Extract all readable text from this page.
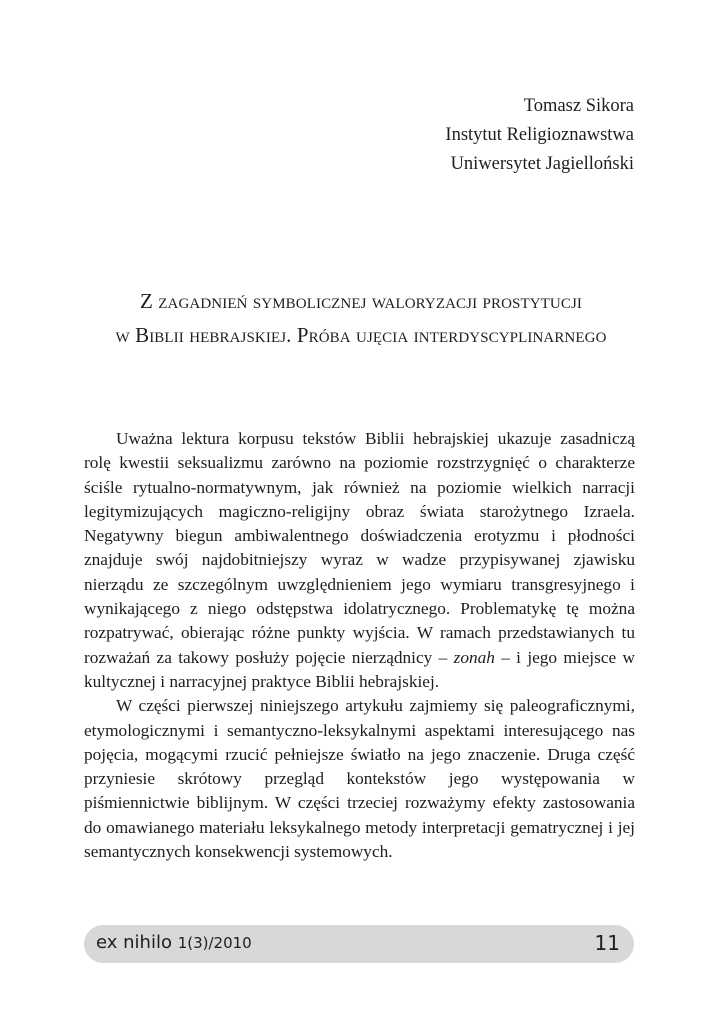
Tomasz Sikora
Instytut Religioznawstwa
Uniwersytet Jagielloński
Z zagadnień symbolicznej waloryzacji prostytucji
w Biblii hebrajskiej. Próba ujęcia interdyscyplinarnego

Uważna lektura korpusu tekstów Biblii hebrajskiej ukazuje zasadniczą rolę kwestii seksualizmu zarówno na poziomie rozstrzygnięć o charakterze ściśle rytualno-normatywnym, jak również na poziomie wielkich narracji legitymizujących magiczno-religijny obraz świata starożytnego Izraela. Negatywny biegun ambiwalentnego doświadczenia erotyzmu i płodności znajduje swój najdobitniejszy wyraz w wadze przypisywanej zjawisku nierządu ze szczególnym uwzględnieniem jego wymiaru transgresyjnego i wynikającego z niego odstępstwa idolatrycznego. Problematykę tę można rozpatrywać, obierając różne punkty wyjścia. W ramach przedstawianych tu rozważań za takowy posłuży pojęcie nierządnicy – zonah – i jego miejsce w kultycznej i narracyjnej praktyce Biblii hebrajskiej.

W części pierwszej niniejszego artykułu zajmiemy się paleograficznymi, etymologicznymi i semantyczno-leksykalnymi aspektami interesującego nas pojęcia, mogącymi rzucić pełniejsze światło na jego znaczenie. Druga część przyniesie skrótowy przegląd kontekstów jego występowania w piśmiennictwie biblijnym. W części trzeciej rozważymy efekty zastosowania do omawianego materiału leksykalnego metody interpretacji gematrycznej i jej semantycznych konsekwencji systemowych.

ex nihilo 1(3)/2010	11
